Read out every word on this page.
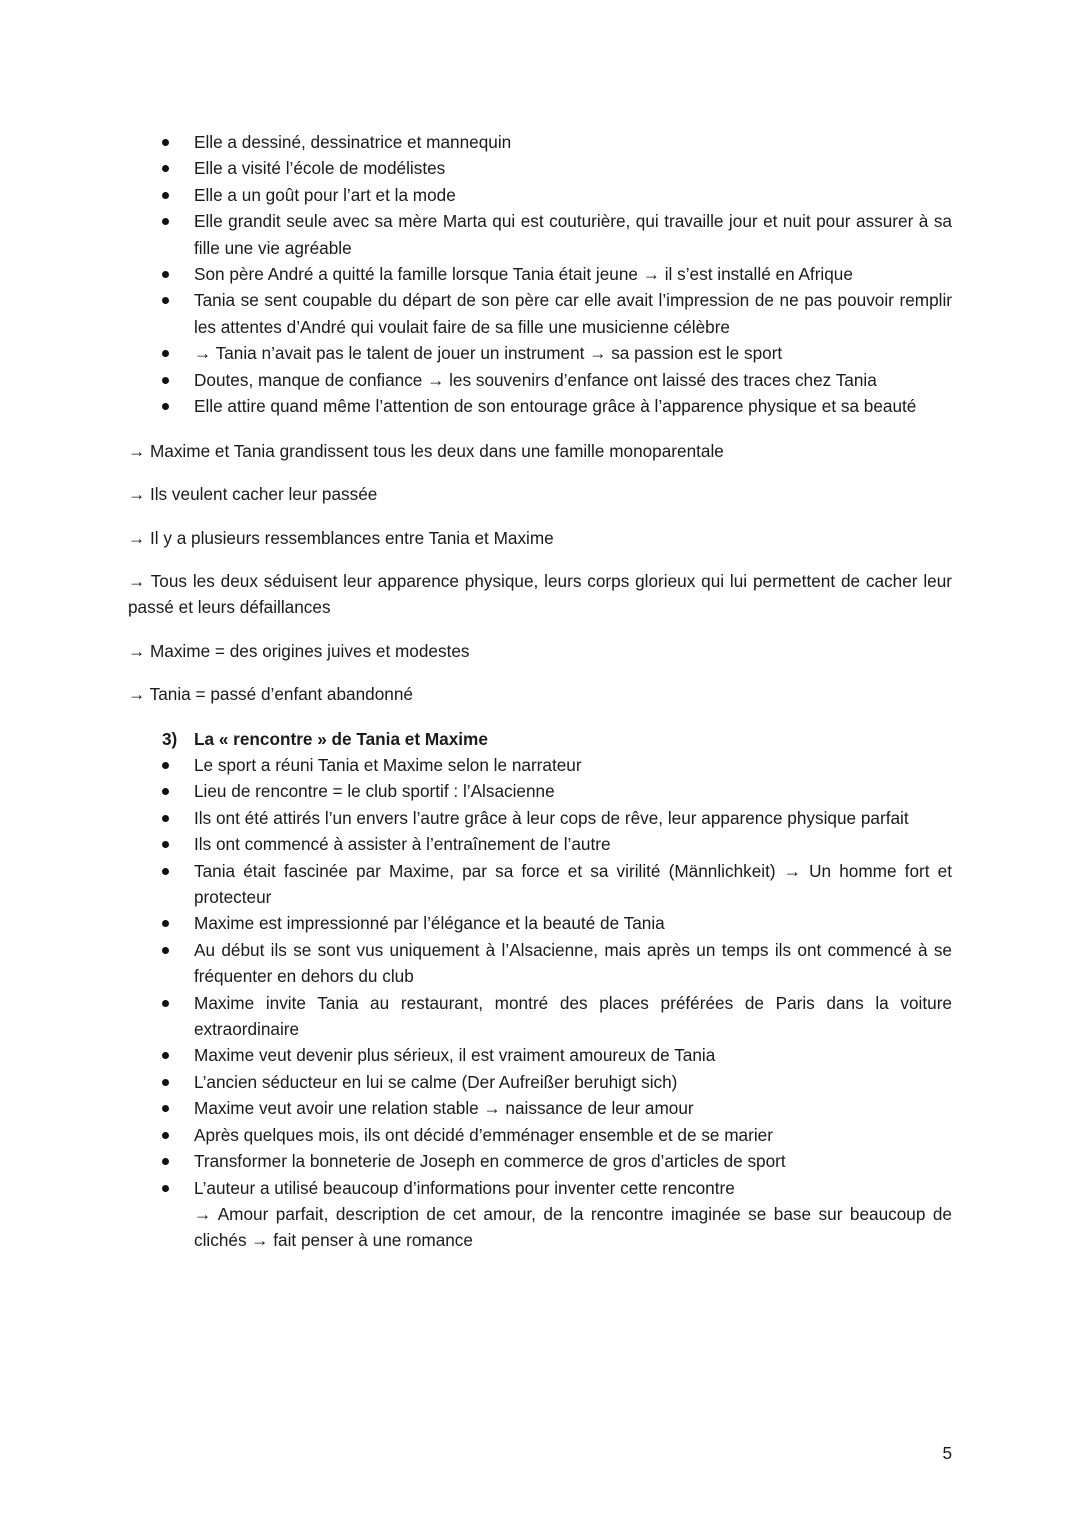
Elle a dessiné, dessinatrice et mannequin
Elle a visité l’école de modélistes
Elle a un goût pour l’art et la mode
Elle grandit seule avec sa mère Marta qui est couturière, qui travaille jour et nuit pour assurer à sa fille une vie agréable
Son père André a quitté la famille lorsque Tania était jeune → il s’est installé en Afrique
Tania se sent coupable du départ de son père car elle avait l’impression de ne pas pouvoir remplir les attentes d’André qui voulait faire de sa fille une musicienne célèbre
→ Tania n’avait pas le talent de jouer un instrument → sa passion est le sport
Doutes, manque de confiance → les souvenirs d’enfance ont laissé des traces chez Tania
Elle attire quand même l’attention de son entourage grâce à l’apparence physique et sa beauté

→ Maxime et Tania grandissent tous les deux dans une famille monoparentale

→ Ils veulent cacher leur passée

→ Il y a plusieurs ressemblances entre Tania et Maxime

→ Tous les deux séduisent leur apparence physique, leurs corps glorieux qui lui permettent de cacher leur passé et leurs défaillances

→ Maxime = des origines juives et modestes

→ Tania = passé d’enfant abandonné

3) La « rencontre » de Tania et Maxime
Le sport a réuni Tania et Maxime selon le narrateur
Lieu de rencontre = le club sportif : l’Alsacienne
Ils ont été attirés l’un envers l’autre grâce à leur cops de rêve, leur apparence physique parfait
Ils ont commencé à assister à l’entraînement de l’autre
Tania était fascinée par Maxime, par sa force et sa virilité (Männlichkeit) → Un homme fort et protecteur
Maxime est impressionné par l’élégance et la beauté de Tania
Au début ils se sont vus uniquement à l’Alsacienne, mais après un temps ils ont commencé à se fréquenter en dehors du club
Maxime invite Tania au restaurant, montré des places préférées de Paris dans la voiture extraordinaire
Maxime veut devenir plus sérieux, il est vraiment amoureux de Tania
L’ancien séducteur en lui se calme (Der Aufreißer beruhigt sich)
Maxime veut avoir une relation stable → naissance de leur amour
Après quelques mois, ils ont décidé d’emménager ensemble et de se marier
Transformer la bonneterie de Joseph en commerce de gros d’articles de sport
L’auteur a utilisé beaucoup d’informations pour inventer cette rencontre
→ Amour parfait, description de cet amour, de la rencontre imaginée se base sur beaucoup de clichés → fait penser à une romance
5
